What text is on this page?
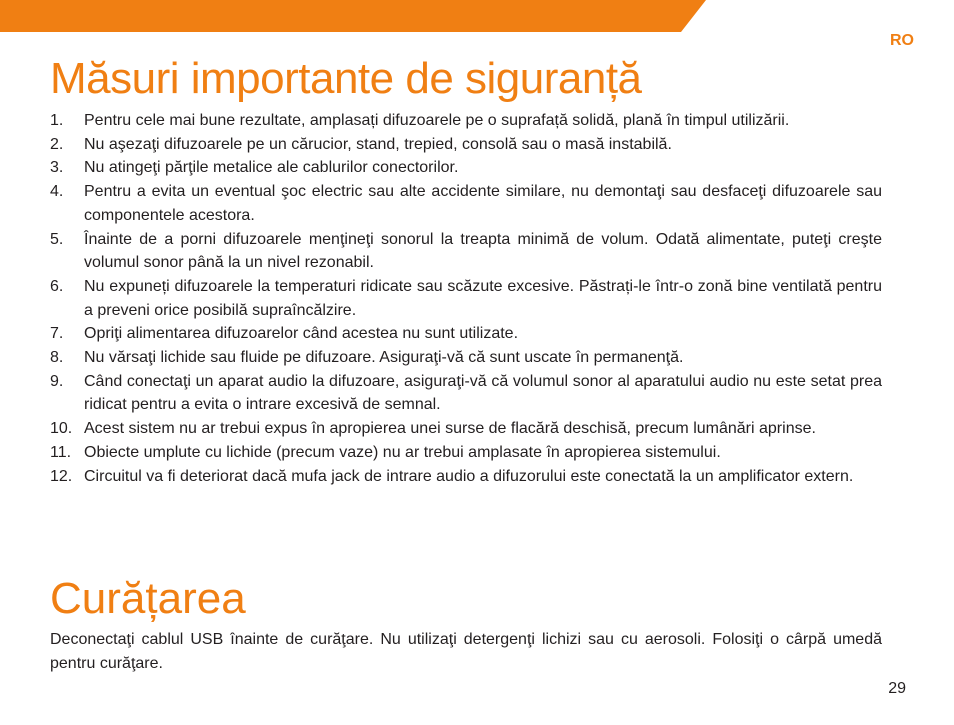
RO
Măsuri importante de siguranță
1.	Pentru cele mai bune rezultate, amplasați difuzoarele pe o suprafață solidă, plană în timpul utilizării.
2.	Nu aşezaţi difuzoarele pe un cărucior, stand, trepied, consolă sau o masă instabilă.
3.	Nu atingeţi părţile metalice ale cablurilor conectorilor.
4.	Pentru a evita un eventual şoc electric sau alte accidente similare, nu demontaţi sau desfaceţi difuzoarele sau componentele acestora.
5.	Înainte de a porni difuzoarele menţineţi sonorul la treapta minimă de volum. Odată alimentate, puteţi creşte volumul sonor până la un nivel rezonabil.
6.	Nu expuneți difuzoarele la temperaturi ridicate sau scăzute excesive. Păstrați-le într-o zonă bine ventilată pentru a preveni orice posibilă supraîncălzire.
7.	Opriţi alimentarea difuzoarelor când acestea nu sunt utilizate.
8.	Nu vărsaţi lichide sau fluide pe difuzoare. Asiguraţi-vă că sunt uscate în permanenţă.
9.	Când conectaţi un aparat audio la difuzoare, asiguraţi-vă că volumul sonor al aparatului audio nu este setat prea ridicat pentru a evita o intrare excesivă de semnal.
10. Acest sistem nu ar trebui expus în apropierea unei surse de flacără deschisă, precum lumânări aprinse.
11. Obiecte umplute cu lichide (precum vaze) nu ar trebui amplasate în apropierea sistemului.
12. Circuitul va fi deteriorat dacă mufa jack de intrare audio a difuzorului este conectată la un amplificator extern.
Curățarea

Deconectaţi cablul USB înainte de curăţare. Nu utilizaţi detergenţi lichizi sau cu aerosoli. Folosiţi o cârpă umedă pentru curăţare.

29
